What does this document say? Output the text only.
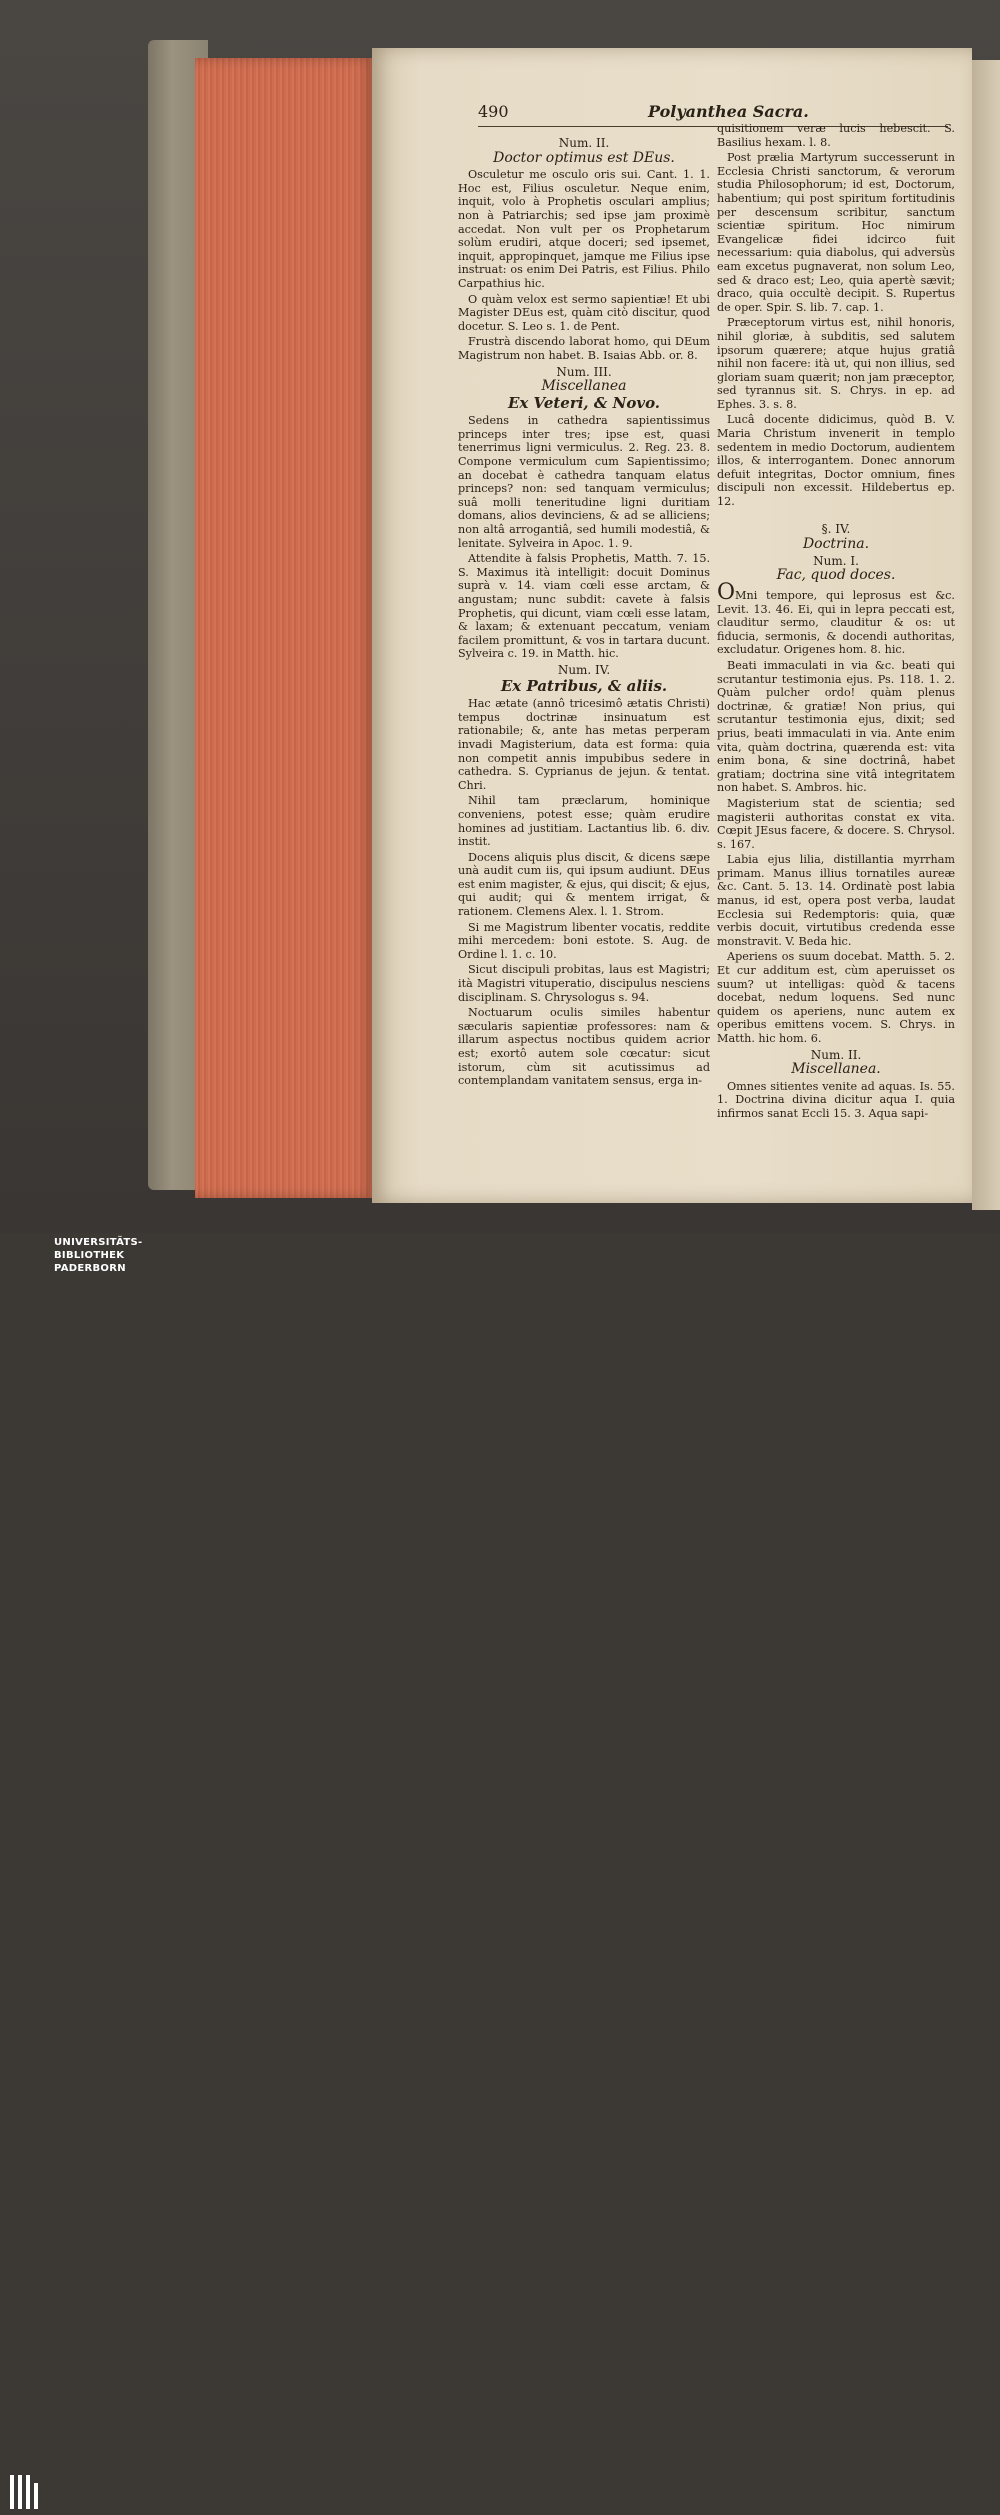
490	Polyanthea Sacra.

Num. II.

Doctor optimus est DEus.

Osculetur me osculo oris sui. Cant. 1. 1. Hoc est, Filius osculetur. Neque enim, inquit, volo à Prophetis osculari amplius; non à Patriarchis; sed ipse jam proximè accedat. Non vult per os Prophetarum solùm erudiri, atque doceri; sed ipsemet, inquit, appropinquet, jamque me Filius ipse instruat: os enim Dei Patris, est Filius. Philo Carpathius hic.

O quàm velox est sermo sapientiæ! Et ubi Magister DEus est, quàm citò discitur, quod docetur. S. Leo s. 1. de Pent.

Frustrà discendo laborat homo, qui DEum Magistrum non habet. B. Isaias Abb. or. 8.

Num. III.

Miscellanea

Ex Veteri, & Novo.

Sedens in cathedra sapientissimus princeps inter tres; ipse est, quasi tenerrimus ligni vermiculus. 2. Reg. 23. 8. Compone vermiculum cum Sapientissimo; an docebat è cathedra tanquam elatus princeps? non: sed tanquam vermiculus; suâ molli teneritudine ligni duritiam domans, alios devinciens, & ad se alliciens; non altâ arrogantiâ, sed humili modestiâ, & lenitate. Sylveira in Apoc. 1. 9.

Attendite à falsis Prophetis, Matth. 7. 15. S. Maximus ità intelligit: docuit Dominus suprà v. 14. viam cœli esse arctam, & angustam; nunc subdit: cavete à falsis Prophetis, qui dicunt, viam cœli esse latam, & laxam; & extenuant peccatum, veniam facilem promittunt, & vos in tartara ducunt. Sylveira c. 19. in Matth. hic.

Num. IV.

Ex Patribus, & aliis.

Hac ætate (annô tricesimô ætatis Christi) tempus doctrinæ insinuatum est rationabile; &, ante has metas perperam invadi Magisterium, data est forma: quia non competit annis impubibus sedere in cathedra. S. Cyprianus de jejun. & tentat. Chri.

Nihil tam præclarum, hominique conveniens, potest esse; quàm erudire homines ad justitiam. Lactantius lib. 6. div. instit.

Docens aliquis plus discit, & dicens sæpe unà audit cum iis, qui ipsum audiunt. DEus est enim magister, & ejus, qui discit; & ejus, qui audit; qui & mentem irrigat, & rationem. Clemens Alex. l. 1. Strom.

Si me Magistrum libenter vocatis, reddite mihi mercedem: boni estote. S. Aug. de Ordine l. 1. c. 10.

Sicut discipuli probitas, laus est Magistri; ità Magistri vituperatio, discipulus nesciens disciplinam. S. Chrysologus s. 94.

Noctuarum oculis similes habentur sæcularis sapientiæ professores: nam & illarum aspectus noctibus quidem acrior est; exortô autem sole cœcatur: sicut istorum, cùm sit acutissimus ad contemplandam vanitatem sensus, erga in-

quisitionem veræ lucis hebescit. S. Basilius hexam. l. 8.

Post prælia Martyrum successerunt in Ecclesia Christi sanctorum, & verorum studia Philosophorum; id est, Doctorum, habentium; qui post spiritum fortitudinis per descensum scribitur, sanctum scientiæ spiritum. Hoc nimirum Evangelicæ fidei idcirco fuit necessarium: quia diabolus, qui adversùs eam excetus pugnaverat, non solum Leo, sed & draco est; Leo, quia apertè sævit; draco, quia occultè decipit. S. Rupertus de oper. Spir. S. lib. 7. cap. 1.

Præceptorum virtus est, nihil honoris, nihil gloriæ, à subditis, sed salutem ipsorum quærere; atque hujus gratiâ nihil non facere: ità ut, qui non illius, sed gloriam suam quærit; non jam præceptor, sed tyrannus sit. S. Chrys. in ep. ad Ephes. 3. s. 8.

Lucâ docente didicimus, quòd B. V. Maria Christum invenerit in templo sedentem in medio Doctorum, audientem illos, & interrogantem. Donec annorum defuit integritas, Doctor omnium, fines discipuli non excessit. Hildebertus ep. 12.

§. IV.

Doctrina.

Num. I.

Fac, quod doces.

OMni tempore, qui leprosus est &c. Levit. 13. 46. Ei, qui in lepra peccati est, clauditur sermo, clauditur & os: ut fiducia, sermonis, & docendi authoritas, excludatur. Origenes hom. 8. hic.

Beati immaculati in via &c. beati qui scrutantur testimonia ejus. Ps. 118. 1. 2. Quàm pulcher ordo! quàm plenus doctrinæ, & gratiæ! Non prius, qui scrutantur testimonia ejus, dixit; sed prius, beati immaculati in via. Ante enim vita, quàm doctrina, quærenda est: vita enim bona, & sine doctrinâ, habet gratiam; doctrina sine vitâ integritatem non habet. S. Ambros. hic.

Magisterium stat de scientia; sed magisterii authoritas constat ex vita. Cœpit JEsus facere, & docere. S. Chrysol. s. 167.

Labia ejus lilia, distillantia myrrham primam. Manus illius tornatiles aureæ &c. Cant. 5. 13. 14. Ordinatè post labia manus, id est, opera post verba, laudat Ecclesia sui Redemptoris: quia, quæ verbis docuit, virtutibus credenda esse monstravit. V. Beda hic.

Aperiens os suum docebat. Matth. 5. 2. Et cur additum est, cùm aperuisset os suum? ut intelligas: quòd & tacens docebat, nedum loquens. Sed nunc quidem os aperiens, nunc autem ex operibus emittens vocem. S. Chrys. in Matth. hic hom. 6.

Num. II.

Miscellanea.

Omnes sitientes venite ad aquas. Is. 55. 1. Doctrina divina dicitur aqua I. quia infirmos sanat Eccli 15. 3. Aqua sapi-

UNIVERSITÄTS-
BIBLIOTHEK
PADERBORN
